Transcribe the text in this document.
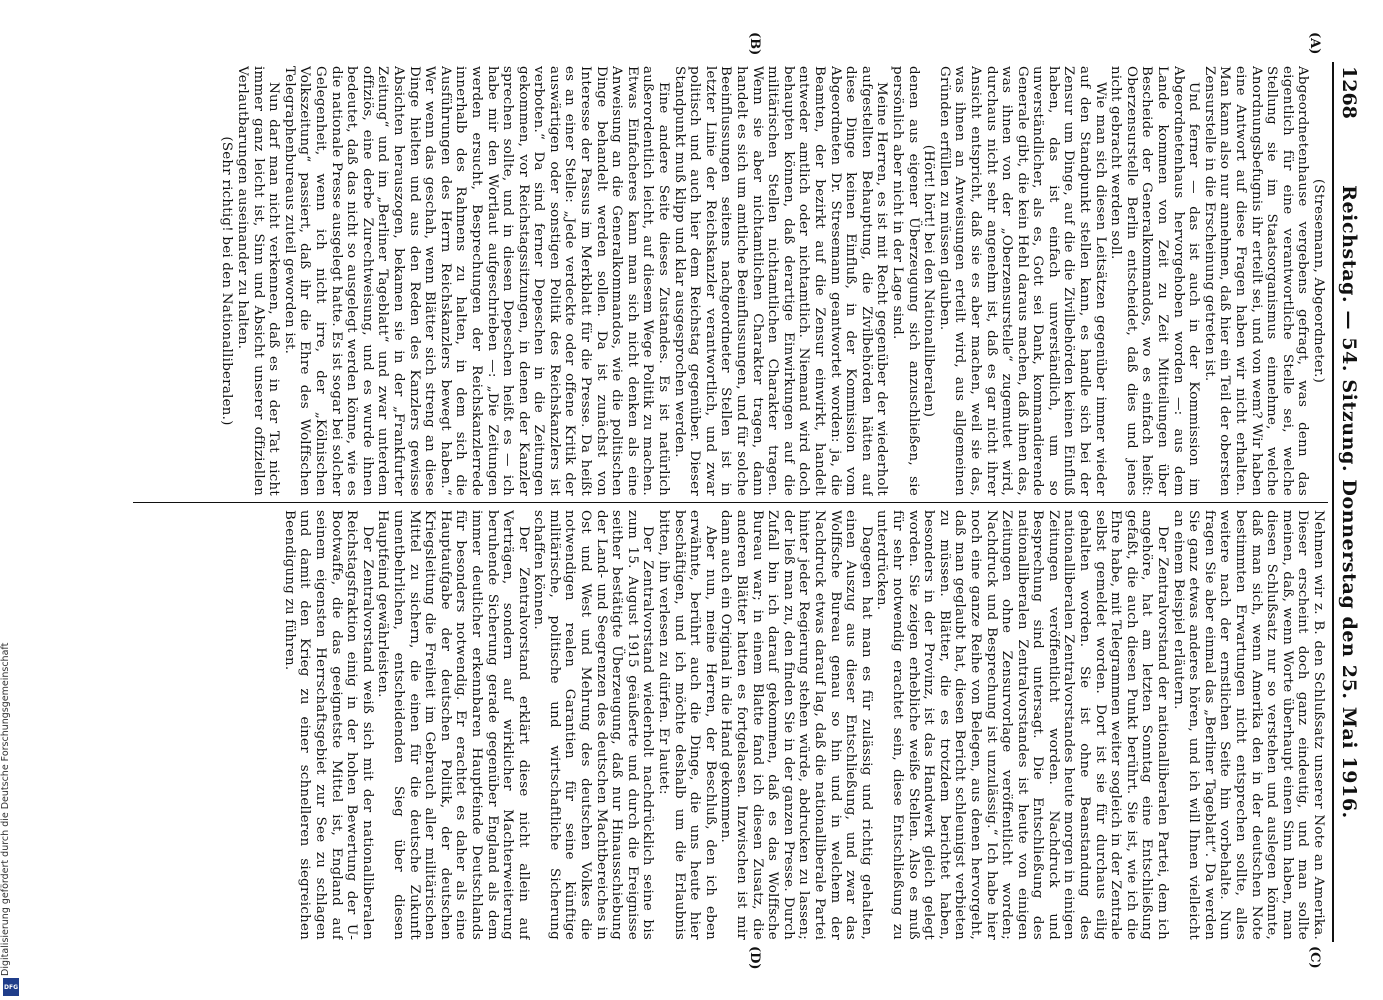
Digitalisierung gefördert durch die Deutsche Forschungsgemeinschaft
DFG
1268
Reichstag. — 54. Sitzung. Donnerstag den 25. Mai 1916.

(Stresemann, Abgeordneter.)

Abgeordnetenhause vergebens gefragt, was denn das eigentlich für eine verantwortliche Stelle sei, welche Stellung sie im Staatsorganismus einnehme, welche Anordnungsbefugnis ihr erteilt sei, und von wem? Wir haben eine Antwort auf diese Fragen haben wir nicht erhalten. Man kann also nur annehmen, daß hier ein Teil der obersten Zensurstelle in die Erscheinung getreten ist.

Und ferner — das ist auch in der Kommission im Abgeordnetenhaus hervorgehoben worden —: aus dem Lande kommen von Zeit zu Zeit Mitteilungen über Bescheide der Generalkommandos, wo es einfach heißt: Oberzensurstelle Berlin entscheidet, daß dies und jenes nicht gebracht werden soll.

Wie man sich diesen Leitsätzen gegenüber immer wieder auf den Standpunkt stellen kann, es handle sich bei der Zensur um Dinge, auf die die Zivilbehörden keinen Einfluß haben, das ist einfach unverständlich, um so unverständlicher, als es, Gott sei Dank, kommandierende Generale gibt, die kein Hehl daraus machen, daß ihnen das, was ihnen von der „Oberzensurstelle“ zugemutet wird, durchaus nicht sehr angenehm ist, daß es gar nicht ihrer Ansicht entspricht, daß sie es aber machen, weil sie das, was ihnen an Anweisungen erteilt wird, aus allgemeinen Gründen erfüllen zu müssen glauben.

(Hört! hört! bei den Nationalliberalen)

denen aus eigener Überzeugung sich anzuschließen, sie persönlich aber nicht in der Lage sind.

Meine Herren, es ist mit Recht gegenüber der wiederholt aufgestellten Behauptung, die Zivilbehörden hätten auf diese Dinge keinen Einfluß, in der Kommission vom Abgeordneten Dr. Stresemann geantwortet worden: ja, die Beamten, der bezirkt auf die Zensur einwirkt, handelt entweder amtlich oder nichtamtlich. Niemand wird doch behaupten können, daß derartige Einwirkungen auf die militärischen Stellen nichtamtlichen Charakter tragen. Wenn sie aber nichtamtlichen Charakter tragen, dann handelt es sich um amtliche Beeinflussungen, und für solche Beeinflussungen seitens nachgeordneter Stellen ist in letzter Linie der Reichskanzler verantwortlich, und zwar politisch und auch hier dem Reichstag gegenüber. Dieser Standpunkt muß klipp und klar ausgesprochen werden.

Eine andere Seite dieses Zustandes. Es ist natürlich außerordentlich leicht, auf diesem Wege Politik zu machen. Etwas Einfacheres kann man sich nicht denken als eine Anweisung an die Generalkommandos, wie die politischen Dinge behandelt werden sollen. Da ist zunächst von Interesse der Passus im Merkblatt für die Presse. Da heißt es an einer Stelle: „Jede verdeckte oder offene Kritik der auswärtigen oder sonstigen Politik des Reichskanzlers ist verboten.“ Da sind ferner Depeschen in die Zeitungen gekommen, vor Reichstagssitzungen, in denen der Kanzler sprechen sollte, und in diesen Depeschen heißt es — ich habe mir den Wortlaut aufgeschrieben —: „Die Zeitungen werden ersucht, Besprechungen der Reichskanzlerrede innerhalb des Rahmens zu halten, in dem sich die Ausführungen des Herrn Reichskanzlers bewegt haben.“ Wer wenn das geschah, wenn Blätter sich streng an diese Dinge hielten und aus den Reden des Kanzlers gewisse Absichten herauszogen, bekamen sie in der „Frankfurter Zeitung“ und im „Berliner Tageblatt“ und zwar unterdem offiziös, eine derbe Zurechtweisung, und es wurde ihnen bedeutet, daß das nicht so ausgelegt werden könne, wie es die nationale Presse ausgelegt hatte. Es ist sogar bei solcher Gelegenheit, wenn ich nicht irre, der „Kölnischen Volkszeitung“ passiert, daß ihr die Ehre des Wolffschen Telegraphenbureaus zuteil geworden ist.

Nun darf man nicht verkennen, daß es in der Tat nicht immer ganz leicht ist, Sinn und Absicht unserer offiziellen Verlautbarungen auseinander zu halten.

(Sehr richtig! bei den Nationalliberalen.)

Nehmen wir z. B. den Schlußsatz unserer Note an Amerika. Dieser erscheint doch ganz eindeutig, und man sollte meinen, daß, wenn Worte überhaupt einen Sinn haben, man diesen Schlußsatz nur so verstehen und auslegen könnte, daß man sich, wenn Amerika den in der deutschen Note bestimmten Erwartungen nicht entsprechen sollte, alles weitere nach der ernstlichen Seite hin vorbehalte. Nun fragen Sie aber einmal das „Berliner Tageblatt“. Da werden Sie ganz etwas anderes hören, und ich will Ihnen vielleicht an einem Beispiel erläutern.

Der Zentralvorstand der nationalliberalen Partei, dem ich angehöre, hat am letzten Sonntag eine Entschließung gefaßt, die auch diesen Punkt berührt. Sie ist, wie ich die Ehre habe, mit Telegrammen weiter sogleich in der Zentrale selbst gemeldet worden. Dort ist sie für durchaus eilig gehalten worden. Sie ist ohne Beanstandung des nationalliberalen Zentralvorstandes heute morgen in einigen Zeitungen veröffentlicht worden. Nachdruck und Besprechung sind untersagt. Die Entschließung des nationalliberalen Zentralvorstandes ist heute von einigen Zeitungen ohne Zensurvorlage veröffentlicht worden; Nachdruck und Besprechung ist unzulässig.“ Ich habe hier noch eine ganze Reihe von Belegen, aus denen hervorgeht, daß man geglaubt hat, diesen Bericht schleunigst verbieten zu müssen. Blätter, die es trotzdem berichtet haben, besonders in der Provinz, ist das Handwerk gleich gelegt worden. Sie zeigen erhebliche weiße Stellen. Also es muß für sehr notwendig erachtet sein, diese Entschließung zu unterdrücken.

Dagegen hat man es für zulässig und richtig gehalten, einen Auszug aus dieser Entschließung, und zwar das Wolffsche Bureau genau so hin und in welchem der Nachdruck etwas darauf lag, daß die nationalliberale Partei hinter jeder Regierung stehen würde, abdrucken zu lassen; der ließ man zu, den finden Sie in der ganzen Presse. Durch Zufall bin ich darauf gekommen, daß es das Wolffsche Bureau war; in einem Blatte fand ich diesen Zusatz, die anderen Blätter hatten es fortgelassen. Inzwischen ist mir dann auch ein Original in die Hand gekommen.

Aber nun, meine Herren, der Beschluß, den ich eben erwähnte, berührt auch die Dinge, die uns heute hier beschäftigen, und ich möchte deshalb um die Erlaubnis bitten, ihn verlesen zu dürfen. Er lautet:

Der Zentralvorstand wiederholt nachdrücklich seine bis zum 15. August 1915 geäußerte und durch die Ereignisse seither bestätigte Überzeugung, daß nur Hinausschiebung der Land- und Seegrenzen des deutschen Machtbereiches in Ost und West und Mehrung des deutschen Volkes die notwendigen realen Garantien für seine künftige militärische, politische und wirtschaftliche Sicherung schaffen können.

Der Zentralvorstand erklärt diese nicht allein auf Verträgen, sondern auf wirklicher Machterweiterung beruhende Sicherung gerade gegenüber England als dem immer deutlicher erkennbaren Hauptfeinde Deutschlands für besonders notwendig. Er erachtet es daher als eine Hauptaufgabe der deutschen Politik, der deutschen Kriegsleitung die Freiheit im Gebrauch aller militärischen Mittel zu sichern, die einen für die deutsche Zukunft unentbehrlichen, entscheidenden Sieg über diesen Hauptfeind gewährleisten.

Der Zentralvorstand weiß sich mit der nationalliberalen Reichstagsfraktion einig in der hohen Bewertung der U-Bootwaffe, die das geeignetste Mittel ist, England auf seinem eigensten Herrschaftsgebiet zur See zu schlagen und damit den Krieg zu einer schnelleren siegreichen Beendigung zu führen.

(A)
(B)
(C)
(D)
